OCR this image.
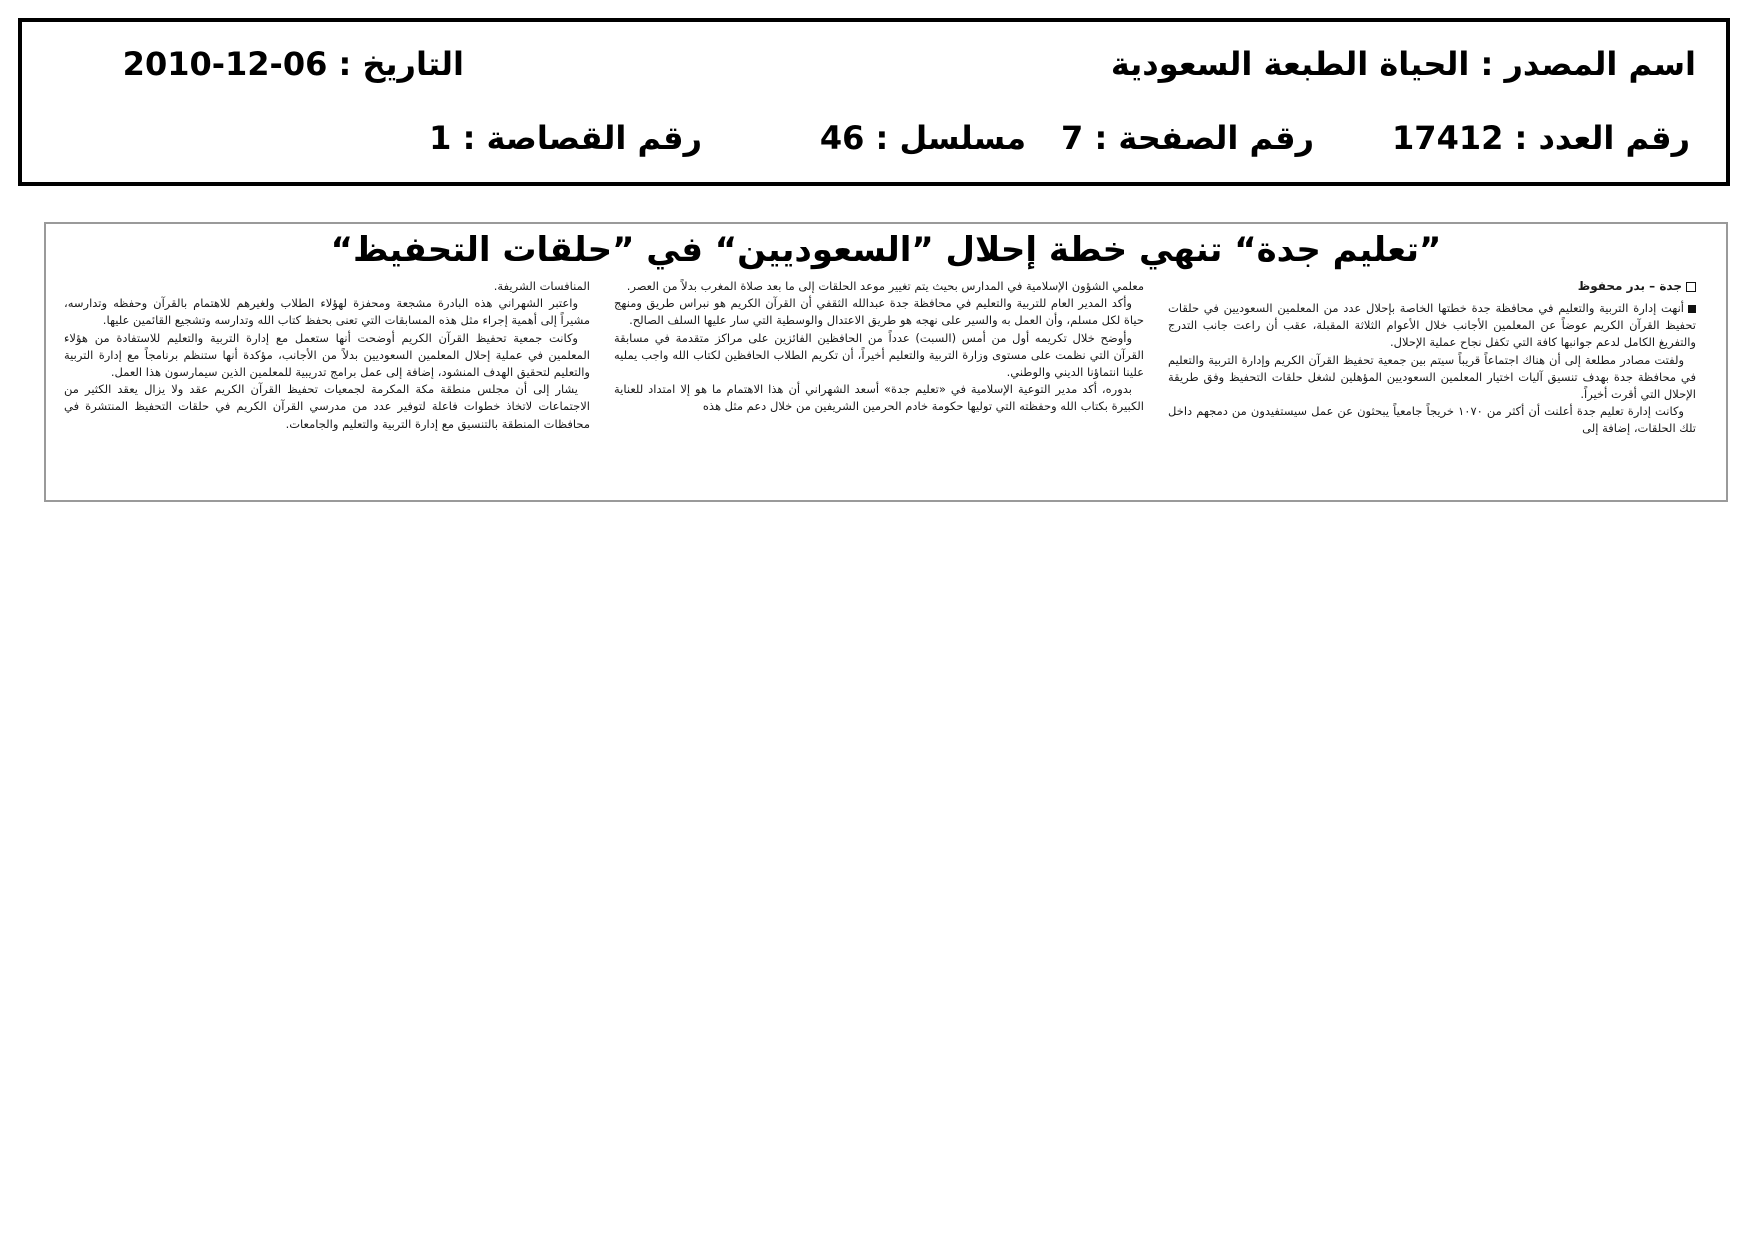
اسم المصدر : الحياة الطبعة السعودية
التاريخ : 06-12-2010
رقم العدد : 17412
رقم الصفحة : 7
مسلسل : 46
رقم القصاصة : 1
”تعليم جدة“ تنهي خطة إحلال ”السعوديين“ في ”حلقات التحفيظ“
جدة – بدر محفوظ

أنهت إدارة التربية والتعليم في محافظة جدة خطتها الخاصة بإحلال عدد من المعلمين السعوديين في حلقات تحفيظ القرآن الكريم عوضاً عن المعلمين الأجانب خلال الأعوام الثلاثة المقبلة، عقب أن راعت جانب التدرج والتفريغ الكامل لدعم جوانبها كافة التي تكفل نجاح عملية الإحلال.

ولفتت مصادر مطلعة إلى أن هناك اجتماعاً قريباً سيتم بين جمعية تحفيظ القرآن الكريم وإدارة التربية والتعليم في محافظة جدة بهدف تنسيق آليات اختيار المعلمين السعوديين المؤهلين لشغل حلقات التحفيظ وفق طريقة الإحلال التي أقرت أخيراً.

وكانت إدارة تعليم جدة أعلنت أن أكثر من ١٠٧٠ خريجاً جامعياً يبحثون عن عمل سيستفيدون من دمجهم داخل تلك الحلقات، إضافة إلى

معلمي الشؤون الإسلامية في المدارس بحيث يتم تغيير موعد الحلقات إلى ما بعد صلاة المغرب بدلاً من العصر.

وأكد المدير العام للتربية والتعليم في محافظة جدة عبدالله الثقفي أن القرآن الكريم هو نبراس طريق ومنهج حياة لكل مسلم، وأن العمل به والسير على نهجه هو طريق الاعتدال والوسطية التي سار عليها السلف الصالح.

وأوضح خلال تكريمه أول من أمس (السبت) عدداً من الحافظين الفائزين على مراكز متقدمة في مسابقة القرآن التي نظمت على مستوى وزارة التربية والتعليم أخيراً، أن تكريم الطلاب الحافظين لكتاب الله واجب يمليه علينا انتماؤنا الديني والوطني.

بدوره، أكد مدير التوعية الإسلامية في «تعليم جدة» أسعد الشهراني أن هذا الاهتمام ما هو إلا امتداد للعناية الكبيرة بكتاب الله وحفظته التي توليها حكومة خادم الحرمين الشريفين من خلال دعم مثل هذه

المنافسات الشريفة.

واعتبر الشهراني هذه البادرة مشجعة ومحفزة لهؤلاء الطلاب ولغيرهم للاهتمام بالقرآن وحفظه وتدارسه، مشيراً إلى أهمية إجراء مثل هذه المسابقات التي تعنى بحفظ كتاب الله وتدارسه وتشجيع القائمين عليها.

وكانت جمعية تحفيظ القرآن الكريم أوضحت أنها ستعمل مع إدارة التربية والتعليم للاستفادة من هؤلاء المعلمين في عملية إحلال المعلمين السعوديين بدلاً من الأجانب، مؤكدة أنها ستنظم برنامجاً مع إدارة التربية والتعليم لتحقيق الهدف المنشود، إضافة إلى عمل برامج تدريبية للمعلمين الذين سيمارسون هذا العمل.

يشار إلى أن مجلس منطقة مكة المكرمة لجمعيات تحفيظ القرآن الكريم عقد ولا يزال يعقد الكثير من الاجتماعات لاتخاذ خطوات فاعلة لتوفير عدد من مدرسي القرآن الكريم في حلقات التحفيظ المنتشرة في محافظات المنطقة بالتنسيق مع إدارة التربية والتعليم والجامعات.
